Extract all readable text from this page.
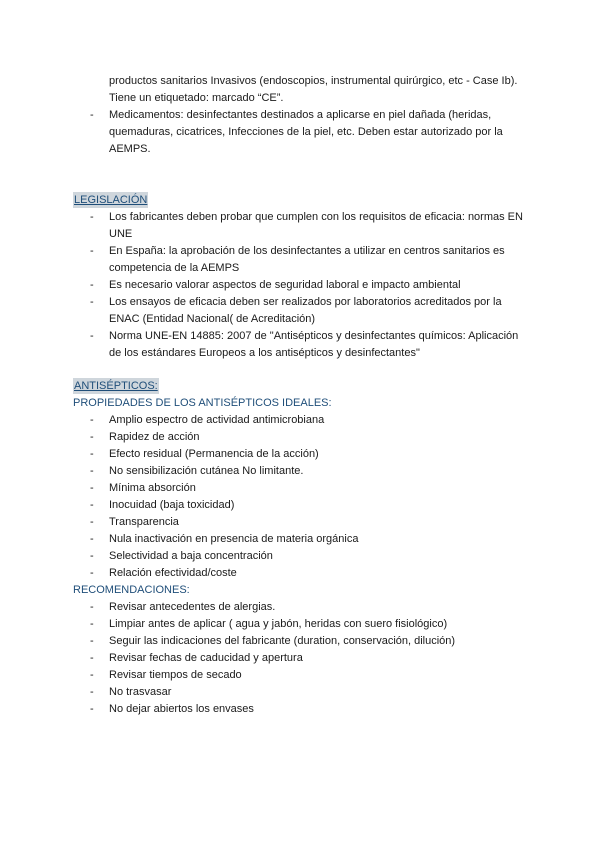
productos sanitarios Invasivos (endoscopios, instrumental quirúrgico, etc - Case Ib).
Tiene un etiquetado: marcado “CE”.
- Medicamentos: desinfectantes destinados a aplicarse en piel dañada (heridas,
quemaduras, cicatrices, Infecciones de la piel, etc. Deben estar autorizado por la
AEMPS.
LEGISLACIÓN
- Los fabricantes deben probar que cumplen con los requisitos de eficacia: normas EN
UNE
- En España: la aprobación de los desinfectantes a utilizar en centros sanitarios es
competencia de la AEMPS
- Es necesario valorar aspectos de seguridad laboral e impacto ambiental
- Los ensayos de eficacia deben ser realizados por laboratorios acreditados por la
ENAC (Entidad Nacional( de Acreditación)
- Norma UNE-EN 14885: 2007 de "Antisépticos y desinfectantes químicos: Aplicación
de los estándares Europeos a los antisépticos y desinfectantes"
ANTISÉPTICOS:
PROPIEDADES DE LOS ANTISÉPTICOS IDEALES:
- Amplio espectro de actividad antimicrobiana
- Rapidez de acción
- Efecto residual (Permanencia de la acción)
- No sensibilización cutánea No limitante.
- Mínima absorción
- Inocuidad (baja toxicidad)
- Transparencia
- Nula inactivación en presencia de materia orgánica
- Selectividad a baja concentración
- Relación efectividad/coste
RECOMENDACIONES:
- Revisar antecedentes de alergias.
- Limpiar antes de aplicar ( agua y jabón, heridas con suero fisiológico)
- Seguir las indicaciones del fabricante (duration, conservación, dilución)
- Revisar fechas de caducidad y apertura
- Revisar tiempos de secado
- No trasvasar
- No dejar abiertos los envases
